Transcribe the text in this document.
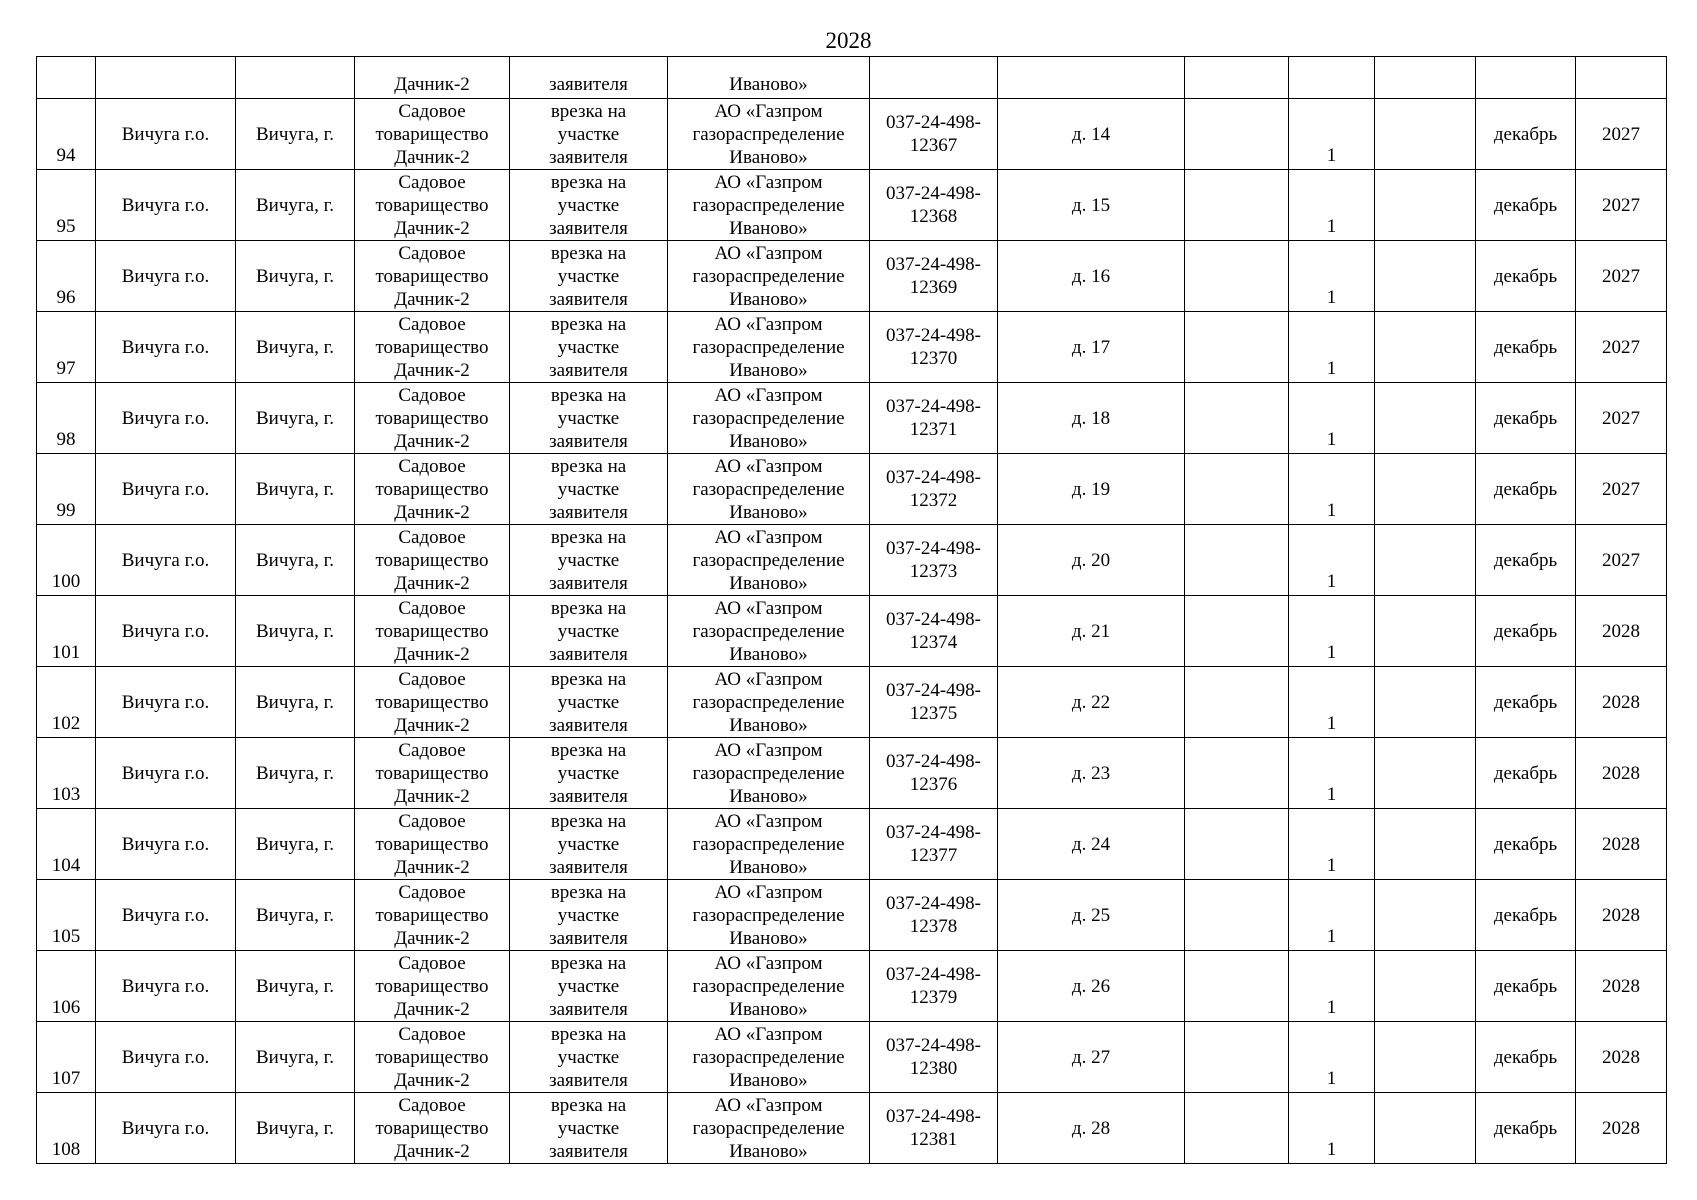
2028
			Дачник-2	заявителя	Иваново»							
94	Вичуга г.о.	Вичуга, г.	Садовое
товарищество
Дачник-2	врезка на
участке
заявителя	АО «Газпром
газораспределение
Иваново»	037-24-498-
12367	д. 14		1		декабрь	2027
95	Вичуга г.о.	Вичуга, г.	Садовое
товарищество
Дачник-2	врезка на
участке
заявителя	АО «Газпром
газораспределение
Иваново»	037-24-498-
12368	д. 15		1		декабрь	2027
96	Вичуга г.о.	Вичуга, г.	Садовое
товарищество
Дачник-2	врезка на
участке
заявителя	АО «Газпром
газораспределение
Иваново»	037-24-498-
12369	д. 16		1		декабрь	2027
97	Вичуга г.о.	Вичуга, г.	Садовое
товарищество
Дачник-2	врезка на
участке
заявителя	АО «Газпром
газораспределение
Иваново»	037-24-498-
12370	д. 17		1		декабрь	2027
98	Вичуга г.о.	Вичуга, г.	Садовое
товарищество
Дачник-2	врезка на
участке
заявителя	АО «Газпром
газораспределение
Иваново»	037-24-498-
12371	д. 18		1		декабрь	2027
99	Вичуга г.о.	Вичуга, г.	Садовое
товарищество
Дачник-2	врезка на
участке
заявителя	АО «Газпром
газораспределение
Иваново»	037-24-498-
12372	д. 19		1		декабрь	2027
100	Вичуга г.о.	Вичуга, г.	Садовое
товарищество
Дачник-2	врезка на
участке
заявителя	АО «Газпром
газораспределение
Иваново»	037-24-498-
12373	д. 20		1		декабрь	2027
101	Вичуга г.о.	Вичуга, г.	Садовое
товарищество
Дачник-2	врезка на
участке
заявителя	АО «Газпром
газораспределение
Иваново»	037-24-498-
12374	д. 21		1		декабрь	2028
102	Вичуга г.о.	Вичуга, г.	Садовое
товарищество
Дачник-2	врезка на
участке
заявителя	АО «Газпром
газораспределение
Иваново»	037-24-498-
12375	д. 22		1		декабрь	2028
103	Вичуга г.о.	Вичуга, г.	Садовое
товарищество
Дачник-2	врезка на
участке
заявителя	АО «Газпром
газораспределение
Иваново»	037-24-498-
12376	д. 23		1		декабрь	2028
104	Вичуга г.о.	Вичуга, г.	Садовое
товарищество
Дачник-2	врезка на
участке
заявителя	АО «Газпром
газораспределение
Иваново»	037-24-498-
12377	д. 24		1		декабрь	2028
105	Вичуга г.о.	Вичуга, г.	Садовое
товарищество
Дачник-2	врезка на
участке
заявителя	АО «Газпром
газораспределение
Иваново»	037-24-498-
12378	д. 25		1		декабрь	2028
106	Вичуга г.о.	Вичуга, г.	Садовое
товарищество
Дачник-2	врезка на
участке
заявителя	АО «Газпром
газораспределение
Иваново»	037-24-498-
12379	д. 26		1		декабрь	2028
107	Вичуга г.о.	Вичуга, г.	Садовое
товарищество
Дачник-2	врезка на
участке
заявителя	АО «Газпром
газораспределение
Иваново»	037-24-498-
12380	д. 27		1		декабрь	2028
108	Вичуга г.о.	Вичуга, г.	Садовое
товарищество
Дачник-2	врезка на
участке
заявителя	АО «Газпром
газораспределение
Иваново»	037-24-498-
12381	д. 28		1		декабрь	2028
